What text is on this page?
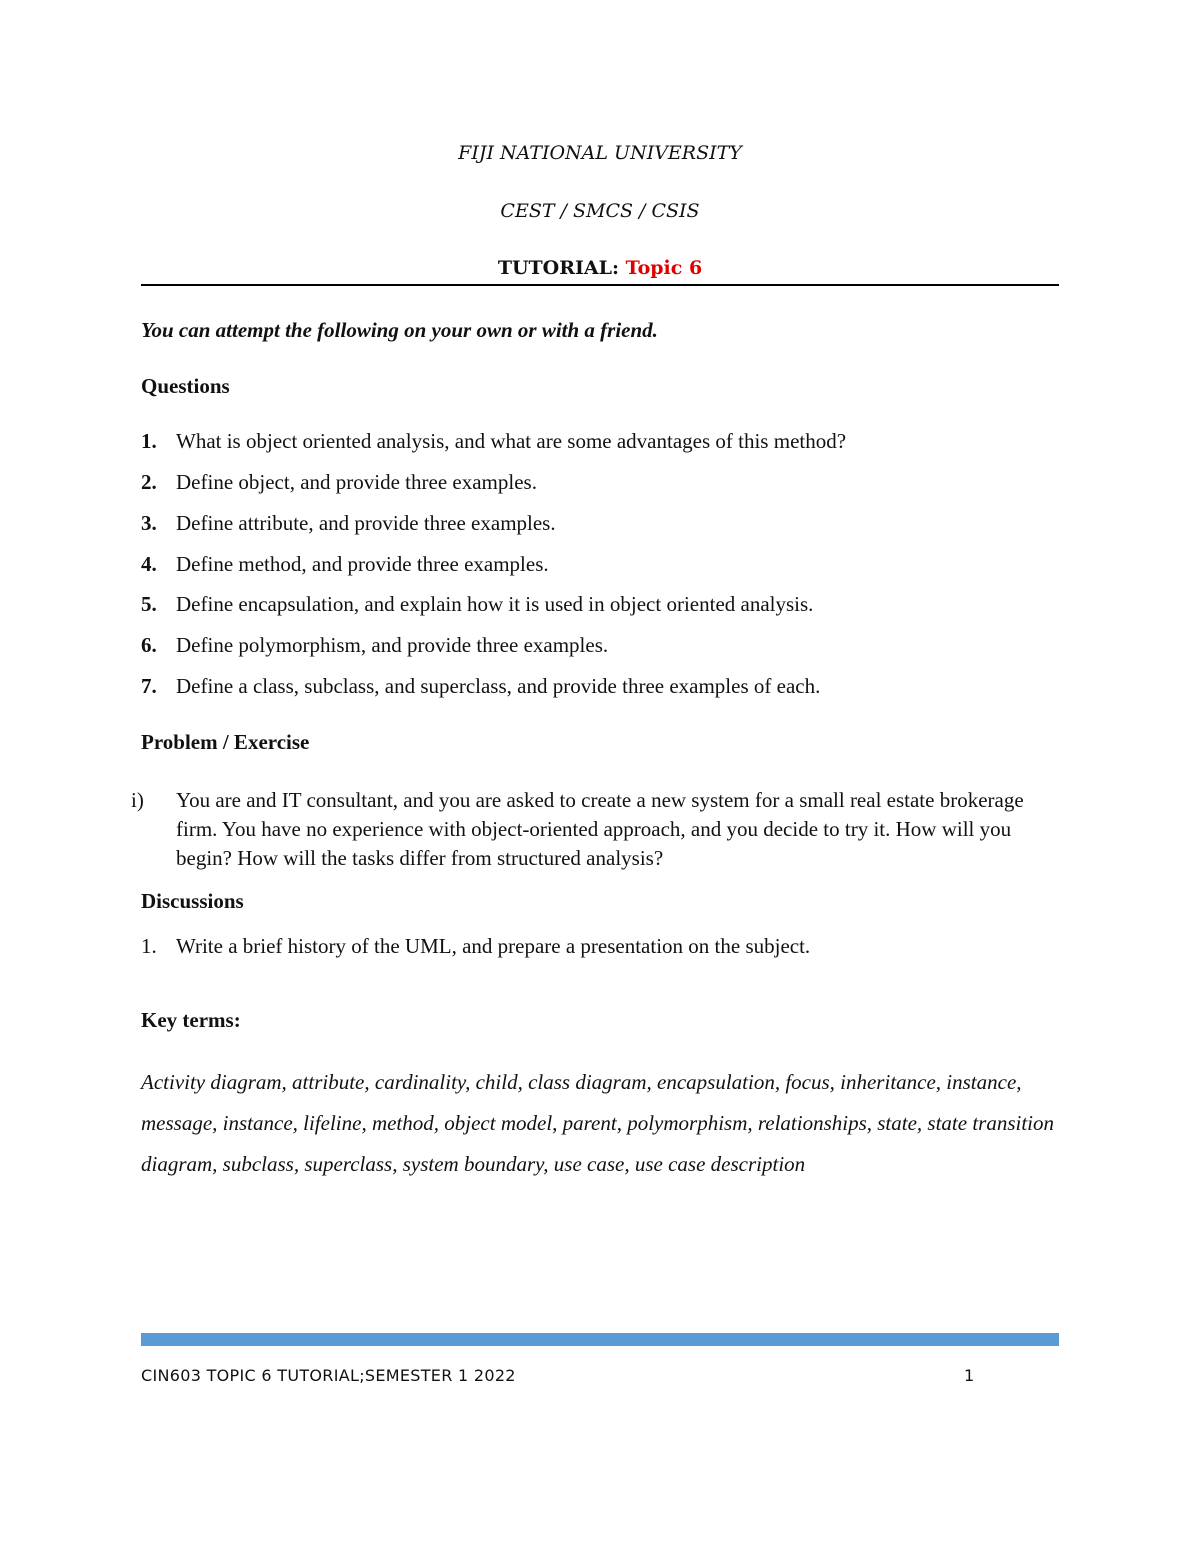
FIJI NATIONAL UNIVERSITY
CEST / SMCS / CSIS
TUTORIAL: Topic 6
You can attempt the following on your own or with a friend.
Questions
1. What is object oriented analysis, and what are some advantages of this method?
2. Define object, and provide three examples.
3. Define attribute, and provide three examples.
4. Define method, and provide three examples.
5. Define encapsulation, and explain how it is used in object oriented analysis.
6. Define polymorphism, and provide three examples.
7. Define a class, subclass, and superclass, and provide three examples of each.
Problem / Exercise
i) You are and IT consultant, and you are asked to create a new system for a small real estate brokerage firm. You have no experience with object-oriented approach, and you decide to try it. How will you begin? How will the tasks differ from structured analysis?
Discussions
1. Write a brief history of the UML, and prepare a presentation on the subject.
Key terms:
Activity diagram, attribute, cardinality, child, class diagram, encapsulation, focus, inheritance, instance, message, instance, lifeline, method, object model, parent, polymorphism, relationships, state, state transition diagram, subclass, superclass, system boundary, use case, use case description
CIN603 TOPIC 6 TUTORIAL;SEMESTER 1 2022	1
